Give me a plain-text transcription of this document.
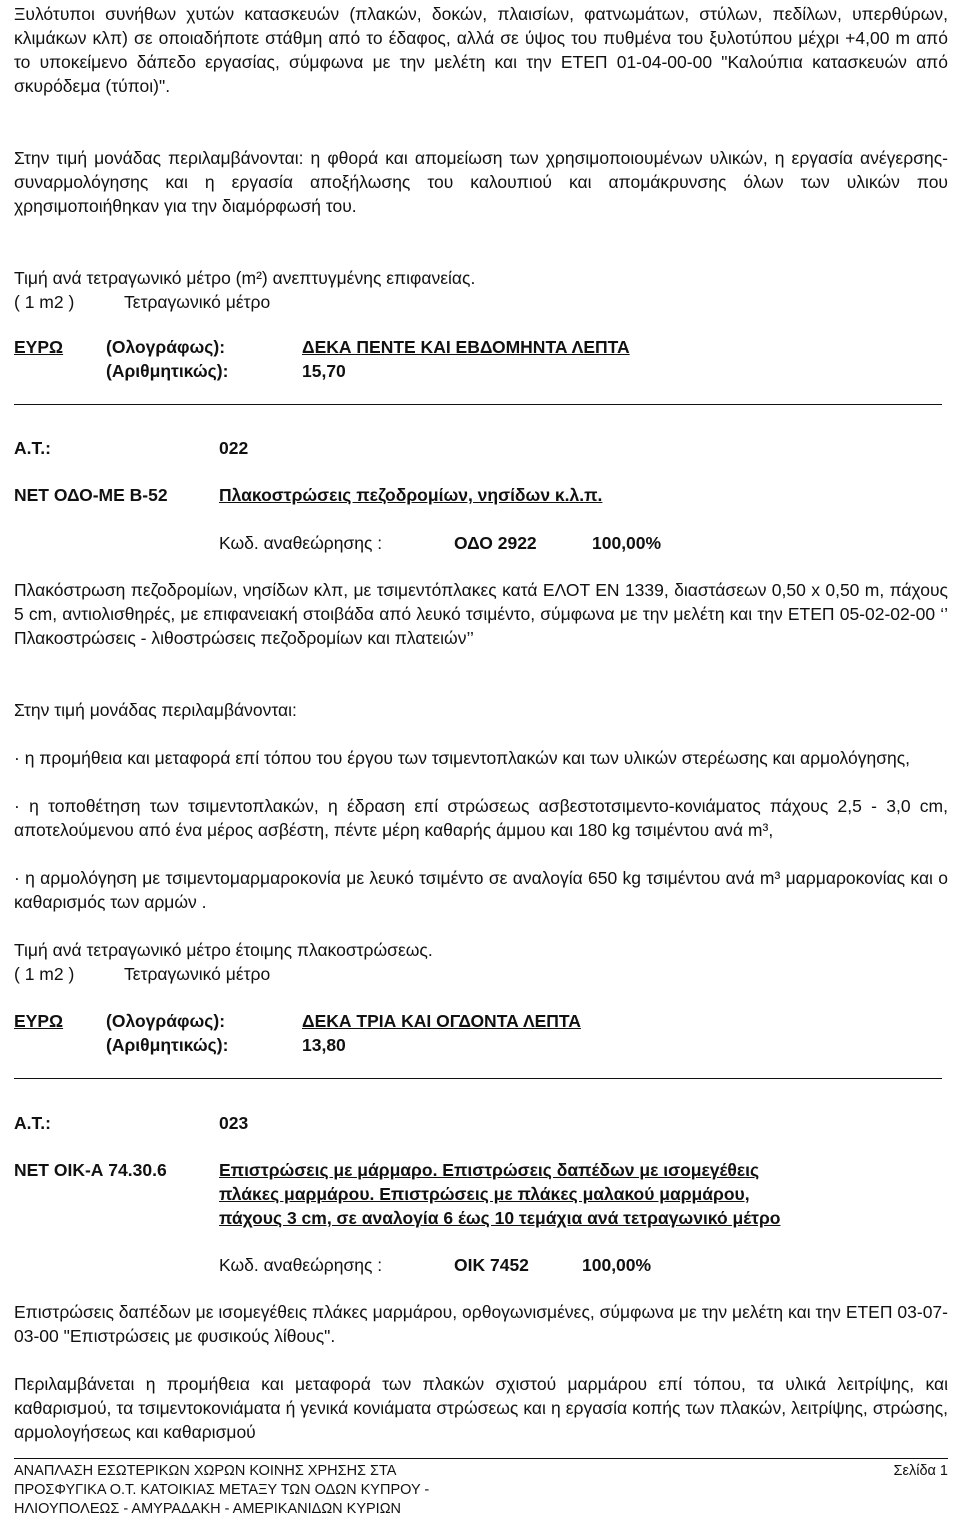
Ξυλότυποι συνήθων χυτών κατασκευών (πλακών, δοκών, πλαισίων, φατνωμάτων, στύλων, πεδίλων, υπερθύρων, κλιμάκων κλπ) σε οποιαδήποτε στάθμη από το έδαφος, αλλά σε ύψος του πυθμένα του ξυλοτύπου μέχρι +4,00 m από το υποκείμενο δάπεδο εργασίας, σύμφωνα με την μελέτη και την ΕΤΕΠ 01-04-00-00 "Καλούπια κατασκευών από σκυρόδεμα (τύποι)".

Στην τιμή μονάδας περιλαμβάνονται: η φθορά και απομείωση των χρησιμοποιουμένων υλικών, η εργασία ανέγερσης-συναρμολόγησης και η εργασία αποξήλωσης του καλουπιού και απομάκρυνσης όλων των υλικών που χρησιμοποιήθηκαν για την διαμόρφωσή του.

Τιμή ανά τετραγωνικό μέτρο (m²) ανεπτυγμένης επιφανείας.

( 1 m2 )	Τετραγωνικό μέτρο
ΕΥΡΩ (Ολογράφως):	ΔΕΚΑ ΠΕΝΤΕ ΚΑΙ ΕΒΔΟΜΗΝΤΑ ΛΕΠΤΑ
(Αριθμητικώς):	15,70
Α.Τ.:	022
ΝΕΤ ΟΔΟ-ΜΕ Β-52	Πλακοστρώσεις πεζοδρομίων, νησίδων κ.λ.π.
Κωδ. αναθεώρησης :	ΟΔΟ 2922	100,00%

Πλακόστρωση πεζοδρομίων, νησίδων κλπ, με τσιμεντόπλακες κατά ΕΛΟΤ ΕΝ 1339, διαστάσεων 0,50 x 0,50 m, πάχους 5 cm, αντιολισθηρές, με επιφανειακή στοιβάδα από λευκό τσιμέντο, σύμφωνα με την μελέτη και την ΕΤΕΠ 05-02-02-00 ‘’ Πλακοστρώσεις - λιθοστρώσεις πεζοδρομίων και πλατειών’’

Στην τιμή μονάδας περιλαμβάνονται:

· η προμήθεια και μεταφορά επί τόπου του έργου των τσιμεντοπλακών και των υλικών στερέωσης και αρμολόγησης,

· η τοποθέτηση των τσιμεντοπλακών, η έδραση επί στρώσεως ασβεστοτσιμεντο-κονιάματος πάχους 2,5 - 3,0 cm, αποτελούμενου από ένα μέρος ασβέστη, πέντε μέρη καθαρής άμμου και 180 kg τσιμέντου ανά m³,

· η αρμολόγηση με τσιμεντομαρμαροκονία με λευκό τσιμέντο σε αναλογία 650 kg τσιμέντου ανά m³ μαρμαροκονίας και ο καθαρισμός των αρμών .

Τιμή ανά τετραγωνικό μέτρο έτοιμης πλακοστρώσεως.

( 1 m2 )	Τετραγωνικό μέτρο
ΕΥΡΩ (Ολογράφως):	ΔΕΚΑ ΤΡΙΑ ΚΑΙ ΟΓΔΟΝΤΑ ΛΕΠΤΑ
(Αριθμητικώς):	13,80
Α.Τ.:	023
ΝΕΤ ΟΙΚ-Α 74.30.6	Επιστρώσεις με μάρμαρο. Επιστρώσεις δαπέδων με ισομεγέθεις
πλάκες μαρμάρου. Επιστρώσεις με πλάκες μαλακού μαρμάρου,
πάχους 3 cm, σε αναλογία 6 έως 10 τεμάχια ανά τετραγωνικό μέτρο
Κωδ. αναθεώρησης :	ΟΙΚ 7452	100,00%

Επιστρώσεις δαπέδων με ισομεγέθεις πλάκες μαρμάρου, ορθογωνισμένες, σύμφωνα με την μελέτη και την ΕΤΕΠ 03-07-03-00 "Επιστρώσεις με φυσικούς λίθους".

Περιλαμβάνεται η προμήθεια και μεταφορά των πλακών σχιστού μαρμάρου επί τόπου, τα υλικά λειτρίψης, και καθαρισμού, τα τσιμεντοκονιάματα ή γενικά κονιάματα στρώσεως και η εργασία κοπής των πλακών, λειτρίψης, στρώσης, αρμολογήσεως και καθαρισμού

ΑΝΑΠΛΑΣΗ ΕΣΩΤΕΡΙΚΩΝ ΧΩΡΩΝ ΚΟΙΝΗΣ ΧΡΗΣΗΣ ΣΤΑ ΠΡΟΣΦΥΓΙΚΑ Ο.Τ. ΚΑΤΟΙΚΙΑΣ ΜΕΤΑΞΥ ΤΩΝ ΟΔΩΝ ΚΥΠΡΟΥ - ΗΛΙΟΥΠΟΛΕΩΣ - ΑΜΥΡΑΔΑΚΗ - ΑΜΕΡΙΚΑΝΙΔΩΝ ΚΥΡΙΩΝ
Σελίδα 1
